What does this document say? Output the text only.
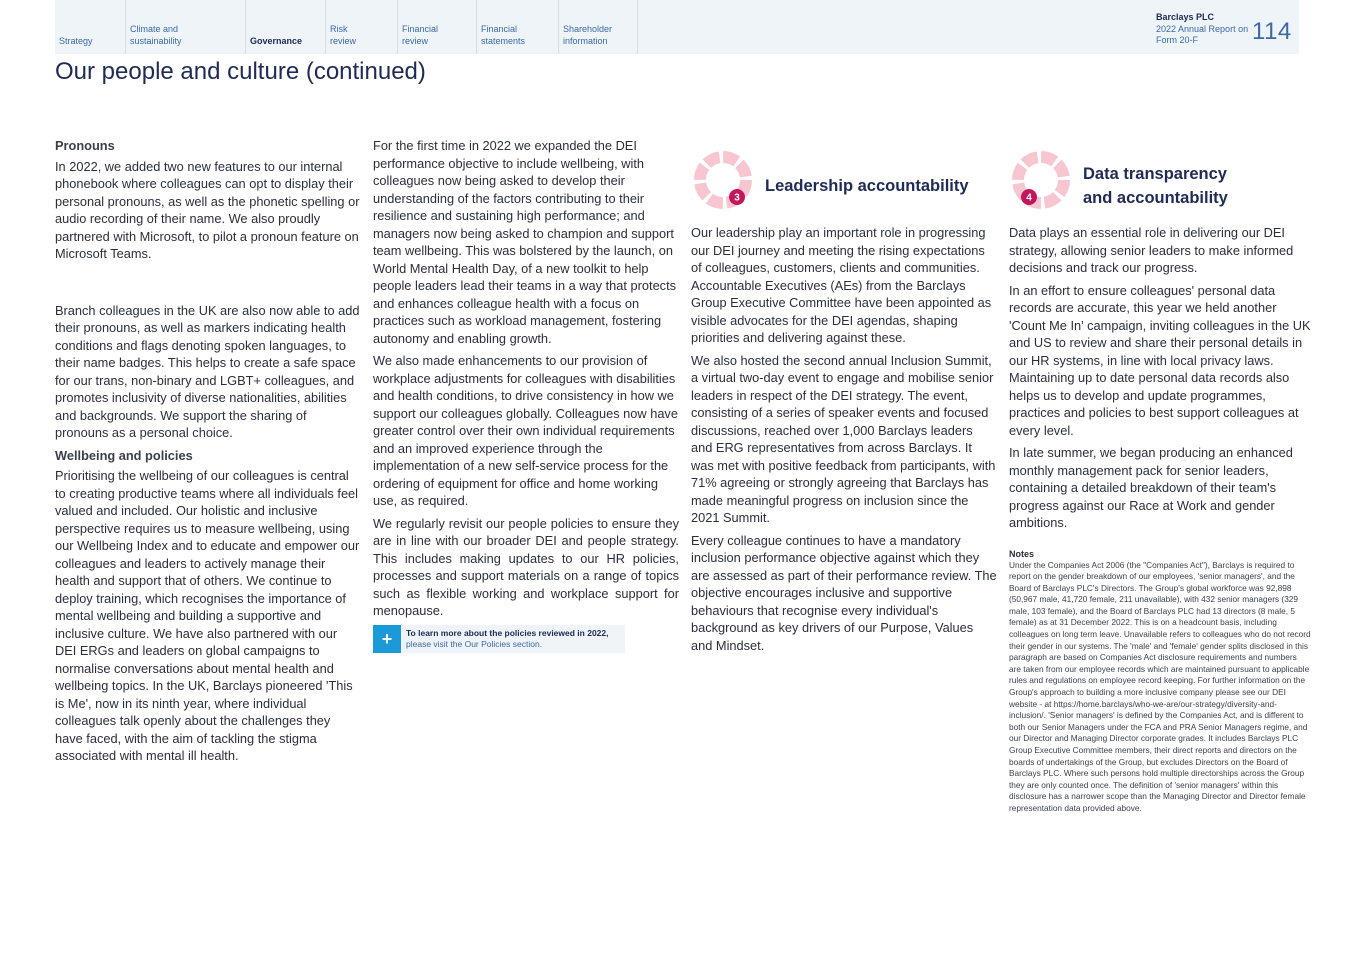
Strategy
Climate and sustainability	Governance
Risk review
Financial review
Financial statements
Shareholder information
Barclays PLC
2022 Annual Report on Form 20-F	114
Our people and culture (continued)
Pronouns

In 2022, we added two new features to our internal phonebook where colleagues can opt to display their personal pronouns, as well as the phonetic spelling or audio recording of their name. We also proudly partnered with Microsoft, to pilot a pronoun feature on Microsoft Teams.

Branch colleagues in the UK are also now able to add their pronouns, as well as markers indicating health conditions and flags denoting spoken languages, to their name badges. This helps to create a safe space for our trans, non-binary and LGBT+ colleagues, and promotes inclusivity of diverse nationalities, abilities and backgrounds. We support the sharing of pronouns as a personal choice.

Wellbeing and policies

Prioritising the wellbeing of our colleagues is central to creating productive teams where all individuals feel valued and included. Our holistic and inclusive perspective requires us to measure wellbeing, using our Wellbeing Index and to educate and empower our colleagues and leaders to actively manage their health and support that of others. We continue to deploy training, which recognises the importance of mental wellbeing and building a supportive and inclusive culture. We have also partnered with our DEI ERGs and leaders on global campaigns to normalise conversations about mental health and wellbeing topics. In the UK, Barclays pioneered 'This is Me', now in its ninth year, where individual colleagues talk openly about the challenges they have faced, with the aim of tackling the stigma associated with mental ill health.

For the first time in 2022 we expanded the DEI performance objective to include wellbeing, with colleagues now being asked to develop their understanding of the factors contributing to their resilience and sustaining high performance; and managers now being asked to champion and support team wellbeing. This was bolstered by the launch, on World Mental Health Day, of a new toolkit to help people leaders lead their teams in a way that protects and enhances colleague health with a focus on practices such as workload management, fostering autonomy and enabling growth.

We also made enhancements to our provision of workplace adjustments for colleagues with disabilities and health conditions, to drive consistency in how we support our colleagues globally. Colleagues now have greater control over their own individual requirements and an improved experience through the implementation of a new self-service process for the ordering of equipment for office and home working use, as required.

We regularly revisit our people policies to ensure they are in line with our broader DEI and people strategy. This includes making updates to our HR policies, processes and support materials on a range of topics such as flexible working and workplace support for menopause.

+	To learn more about the policies reviewed in 2022,
please visit the Our Policies section.
3
Leadership accountability

Our leadership play an important role in progressing our DEI journey and meeting the rising expectations of colleagues, customers, clients and communities. Accountable Executives (AEs) from the Barclays Group Executive Committee have been appointed as visible advocates for the DEI agendas, shaping priorities and delivering against these.

We also hosted the second annual Inclusion Summit, a virtual two-day event to engage and mobilise senior leaders in respect of the DEI strategy. The event, consisting of a series of speaker events and focused discussions, reached over 1,000 Barclays leaders and ERG representatives from across Barclays. It was met with positive feedback from participants, with 71% agreeing or strongly agreeing that Barclays has made meaningful progress on inclusion since the 2021 Summit.

Every colleague continues to have a mandatory inclusion performance objective against which they are assessed as part of their performance review. The objective encourages inclusive and supportive behaviours that recognise every individual's background as key drivers of our Purpose, Values and Mindset.

4
Data transparency
and accountability

Data plays an essential role in delivering our DEI strategy, allowing senior leaders to make informed decisions and track our progress.

In an effort to ensure colleagues' personal data records are accurate, this year we held another 'Count Me In' campaign, inviting colleagues in the UK and US to review and share their personal details in our HR systems, in line with local privacy laws. Maintaining up to date personal data records also helps us to develop and update programmes, practices and policies to best support colleagues at every level.

In late summer, we began producing an enhanced monthly management pack for senior leaders, containing a detailed breakdown of their team's progress against our Race at Work and gender ambitions.

Notes
Under the Companies Act 2006 (the "Companies Act"), Barclays is required to report on the gender breakdown of our employees, 'senior managers', and the Board of Barclays PLC's Directors. The Group's global workforce was 92,898 (50,967 male, 41,720 female, 211 unavailable), with 432 senior managers (329 male, 103 female), and the Board of Barclays PLC had 13 directors (8 male, 5 female) as at 31 December 2022. This is on a headcount basis, including colleagues on long term leave. Unavailable refers to colleagues who do not record their gender in our systems. The 'male' and 'female' gender splits disclosed in this paragraph are based on Companies Act disclosure requirements and numbers are taken from our employee records which are maintained pursuant to applicable rules and regulations on employee record keeping. For further information on the Group's approach to building a more inclusive company please see our DEI website - at https://home.barclays/who-we-are/our-strategy/diversity-and-inclusion/. 'Senior managers' is defined by the Companies Act, and is different to both our Senior Managers under the FCA and PRA Senior Managers regime, and our Director and Managing Director corporate grades. It includes Barclays PLC Group Executive Committee members, their direct reports and directors on the boards of undertakings of the Group, but excludes Directors on the Board of Barclays PLC. Where such persons hold multiple directorships across the Group they are only counted once. The definition of 'senior managers' within this disclosure has a narrower scope than the Managing Director and Director female representation data provided above.
